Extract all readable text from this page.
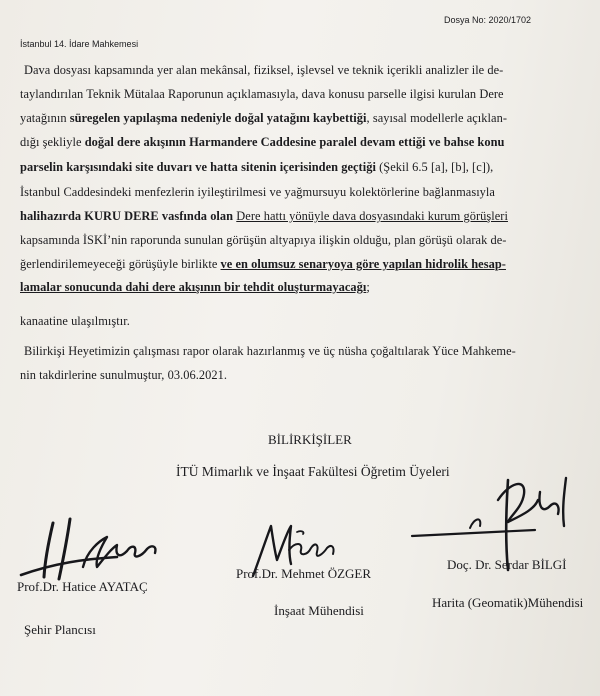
Dosya No: 2020/1702
İstanbul 14. İdare Mahkemesi
Dava dosyası kapsamında yer alan mekânsal, fiziksel, işlevsel ve teknik içerikli analizler ile de-
taylandırılan Teknik Mütalaa Raporunun açıklamasıyla, dava konusu parselle ilgisi kurulan Dere
yatağının süregelen yapılaşma nedeniyle doğal yatağını kaybettiği, sayısal modellerle açıklan-
dığı şekliyle doğal dere akışının Harmandere Caddesine paralel devam ettiği ve bahse konu
parselin karşısındaki site duvarı ve hatta sitenin içerisinden geçtiği (Şekil 6.5 [a], [b], [c]),
İstanbul Caddesindeki menfezlerin iyileştirilmesi ve yağmursuyu kolektörlerine bağlanmasıyla
halihazırda KURU DERE vasfında olan Dere hattı yönüyle dava dosyasındaki kurum görüşleri
kapsamında İSKİ’nin raporunda sunulan görüşün altyapıya ilişkin olduğu, plan görüşü olarak de-
ğerlendirilemeyeceği görüşüyle birlikte ve en olumsuz senaryoya göre yapılan hidrolik hesap-
lamalar sonucunda dahi dere akışının bir tehdit oluşturmayacağı;
kanaatine ulaşılmıştır.
Bilirkişi Heyetimizin çalışması rapor olarak hazırlanmış ve üç nüsha çoğaltılarak Yüce Mahkeme-
nin takdirlerine sunulmuştur, 03.06.2021.
BİLİRKİŞİLER
İTÜ Mimarlık ve İnşaat Fakültesi Öğretim Üyeleri
Prof.Dr. Hatice AYATAÇ
Şehir Plancısı
Prof.Dr. Mehmet ÖZGER
İnşaat Mühendisi
Doç. Dr. Serdar BİLGİ
Harita (Geomatik)Mühendisi
